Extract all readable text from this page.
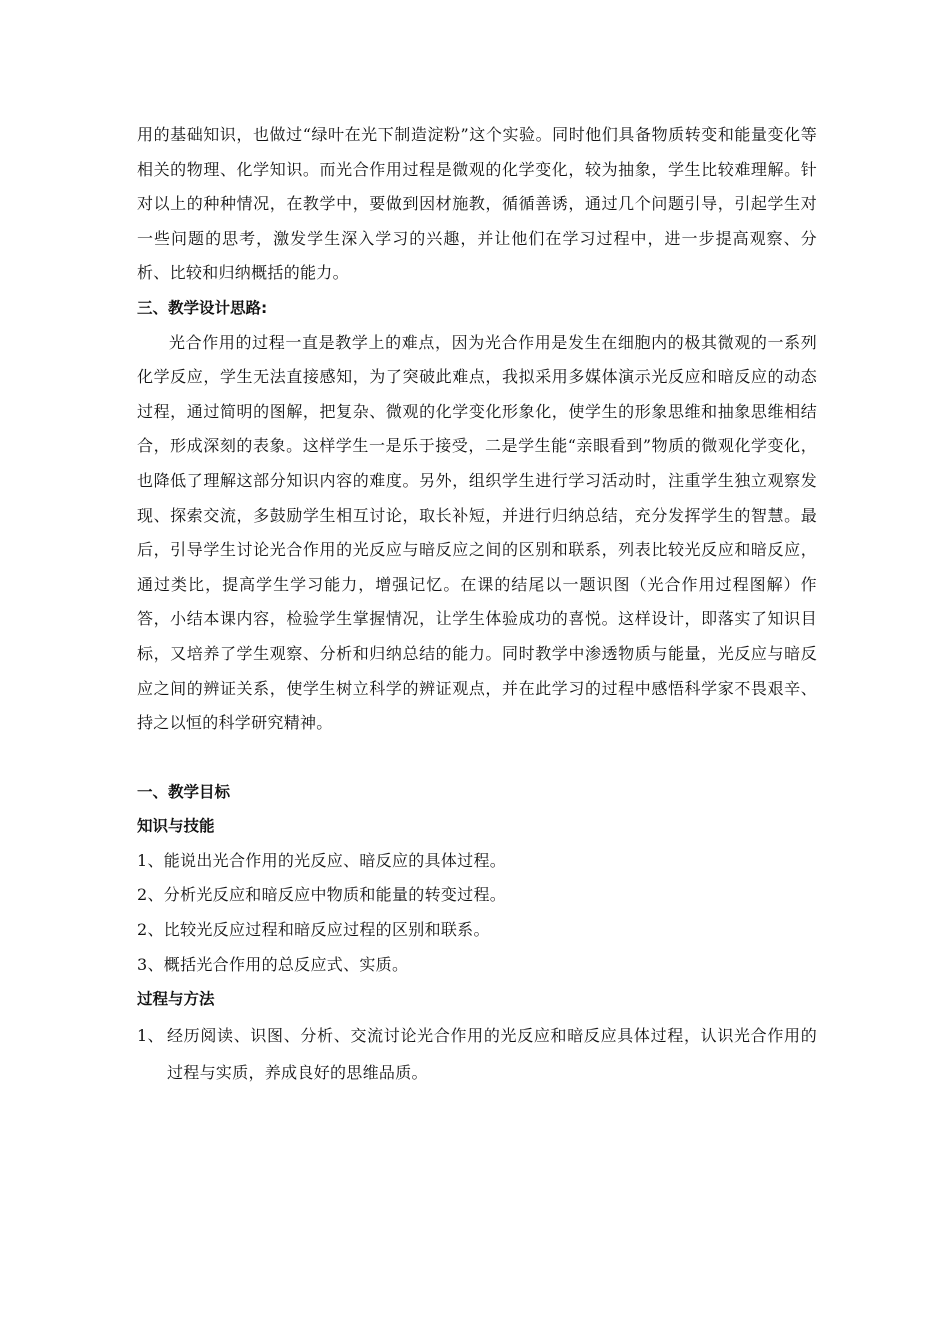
用的基础知识，也做过“绿叶在光下制造淀粉”这个实验。同时他们具备物质转变和能量变化等相关的物理、化学知识。而光合作用过程是微观的化学变化，较为抽象，学生比较难理解。针对以上的种种情况，在教学中，要做到因材施教，循循善诱，通过几个问题引导，引起学生对一些问题的思考，激发学生深入学习的兴趣，并让他们在学习过程中，进一步提高观察、分析、比较和归纳概括的能力。

三、教学设计思路:

光合作用的过程一直是教学上的难点，因为光合作用是发生在细胞内的极其微观的一系列化学反应，学生无法直接感知，为了突破此难点，我拟采用多媒体演示光反应和暗反应的动态过程，通过简明的图解，把复杂、微观的化学变化形象化，使学生的形象思维和抽象思维相结合，形成深刻的表象。这样学生一是乐于接受，二是学生能“亲眼看到”物质的微观化学变化，也降低了理解这部分知识内容的难度。另外，组织学生进行学习活动时，注重学生独立观察发现、探索交流，多鼓励学生相互讨论，取长补短，并进行归纳总结，充分发挥学生的智慧。最后，引导学生讨论光合作用的光反应与暗反应之间的区别和联系，列表比较光反应和暗反应，通过类比，提高学生学习能力，增强记忆。在课的结尾以一题识图（光合作用过程图解）作答，小结本课内容，检验学生掌握情况，让学生体验成功的喜悦。这样设计，即落实了知识目标，又培养了学生观察、分析和归纳总结的能力。同时教学中渗透物质与能量，光反应与暗反应之间的辨证关系，使学生树立科学的辨证观点，并在此学习的过程中感悟科学家不畏艰辛、持之以恒的科学研究精神。

一、教学目标

知识与技能

1、能说出光合作用的光反应、暗反应的具体过程。

2、分析光反应和暗反应中物质和能量的转变过程。

2、比较光反应过程和暗反应过程的区别和联系。

3、概括光合作用的总反应式、实质。

过程与方法

1、 经历阅读、识图、分析、交流讨论光合作用的光反应和暗反应具体过程，认识光合作用的过程与实质，养成良好的思维品质。
